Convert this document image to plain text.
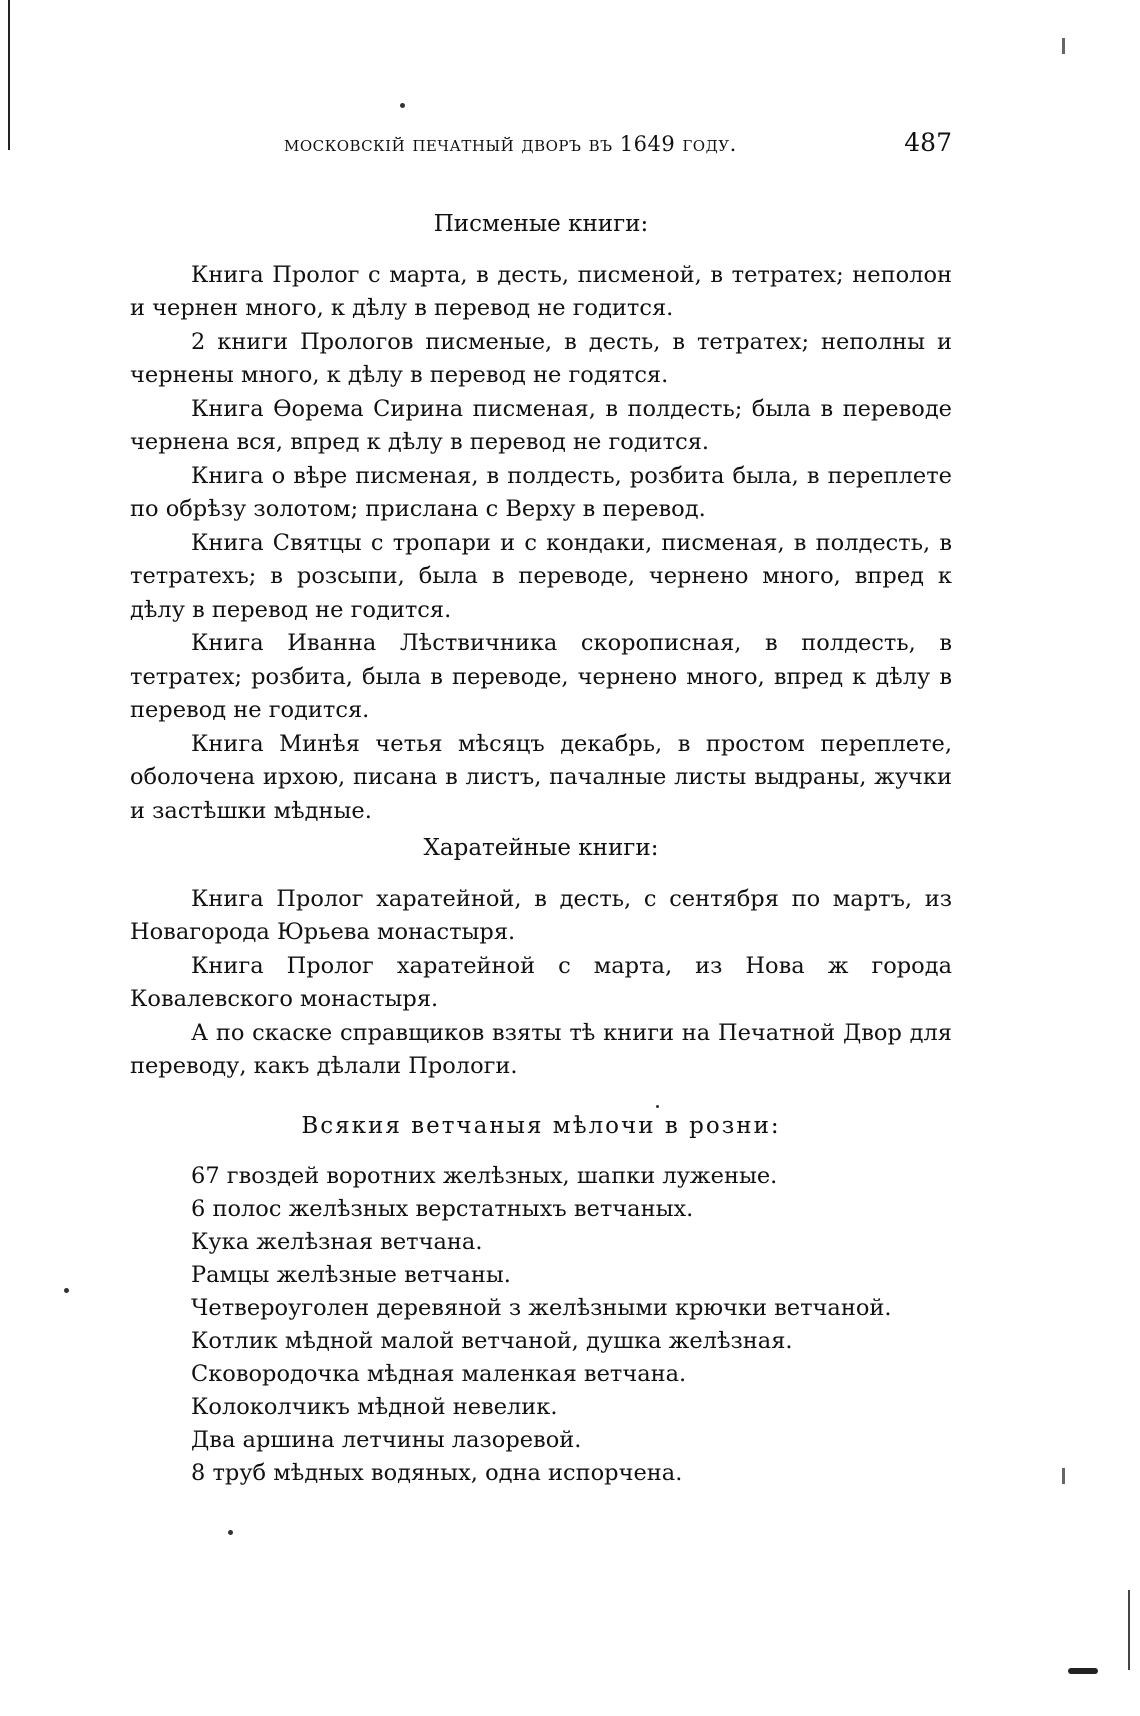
московскій печатный дворъ въ 1649 году.	487

Писменые книги:

Книга Пролог с марта, в десть, писменой, в тетратех; неполон и чернен много, к дѣлу в перевод не годится.

2 книги Прологов писменые, в десть, в тетратех; неполны и чернены много, к дѣлу в перевод не годятся.

Книга Ѳорема Сирина писменая, в полдесть; была в переводе чернена вся, впред к дѣлу в перевод не годится.

Книга о вѣре писменая, в полдесть, розбита была, в переплете по обрѣзу золотом; прислана с Верху в перевод.

Книга Святцы с тропари и с кондаки, писменая, в полдесть, в тетратехъ; в розсыпи, была в переводе, чернено много, впред к дѣлу в перевод не годится.

Книга Иванна Лѣствичника скорописная, в полдесть, в тетратех; розбита, была в переводе, чернено много, впред к дѣлу в перевод не годится.

Книга Минѣя четья мѣсяцъ декабрь, в простом переплете, оболочена ирхою, писана в листъ, пачалные листы выдраны, жучки и застѣшки мѣдные.

Харатейные книги:

Книга Пролог харатейной, в десть, с сентября по мартъ, из Новагорода Юрьева монастыря.

Книга Пролог харатейной с марта, из Нова ж города Ковалевского монастыря.

А по скаске справщиков взяты тѣ книги на Печатной Двор для переводу, какъ дѣлали Прологи.

Всякия ветчаныя мѣлочи в розни:

67 гвоздей воротних желѣзных, шапки луженые.
6 полос желѣзных верстатныхъ ветчаных.
Кука желѣзная ветчана.
Рамцы желѣзные ветчаны.
Четвероуголен деревяной з желѣзными крючки ветчаной.
Котлик мѣдной малой ветчаной, душка желѣзная.
Сковородочка мѣдная маленкая ветчана.
Колоколчикъ мѣдной невелик.
Два аршина летчины лазоревой.
8 труб мѣдных водяных, одна испорчена.
